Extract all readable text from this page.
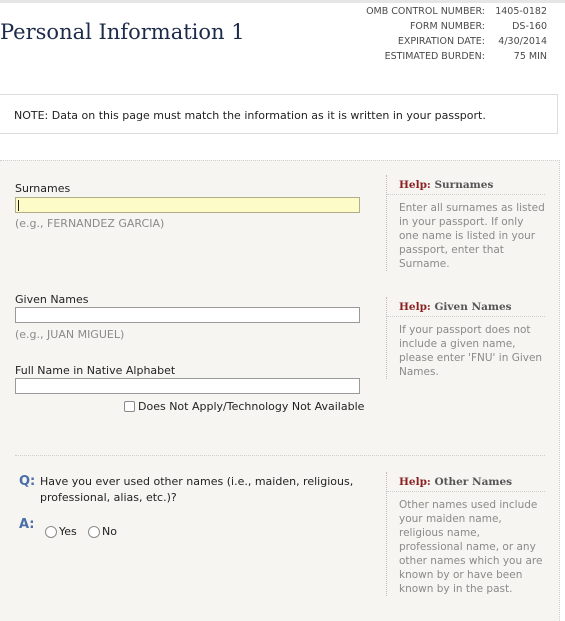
Personal Information 1
OMB CONTROL NUMBER:	1405-0182
FORM NUMBER:	DS-160
EXPIRATION DATE:	4/30/2014
ESTIMATED BURDEN:	75 MIN
NOTE: Data on this page must match the information as it is written in your passport.
Surnames
(e.g., FERNANDEZ GARCIA)
Help: Surnames
Enter all surnames as listed in your passport. If only one name is listed in your passport, enter that Surname.
Given Names
(e.g., JUAN MIGUEL)
Help: Given Names
If your passport does not include a given name, please enter 'FNU' in Given Names.
Full Name in Native Alphabet
Does Not Apply/Technology Not Available
Q: Have you ever used other names (i.e., maiden, religious, professional, alias, etc.)?
A: Yes No
Help: Other Names
Other names used include your maiden name, religious name, professional name, or any other names which you are known by or have been known by in the past.
